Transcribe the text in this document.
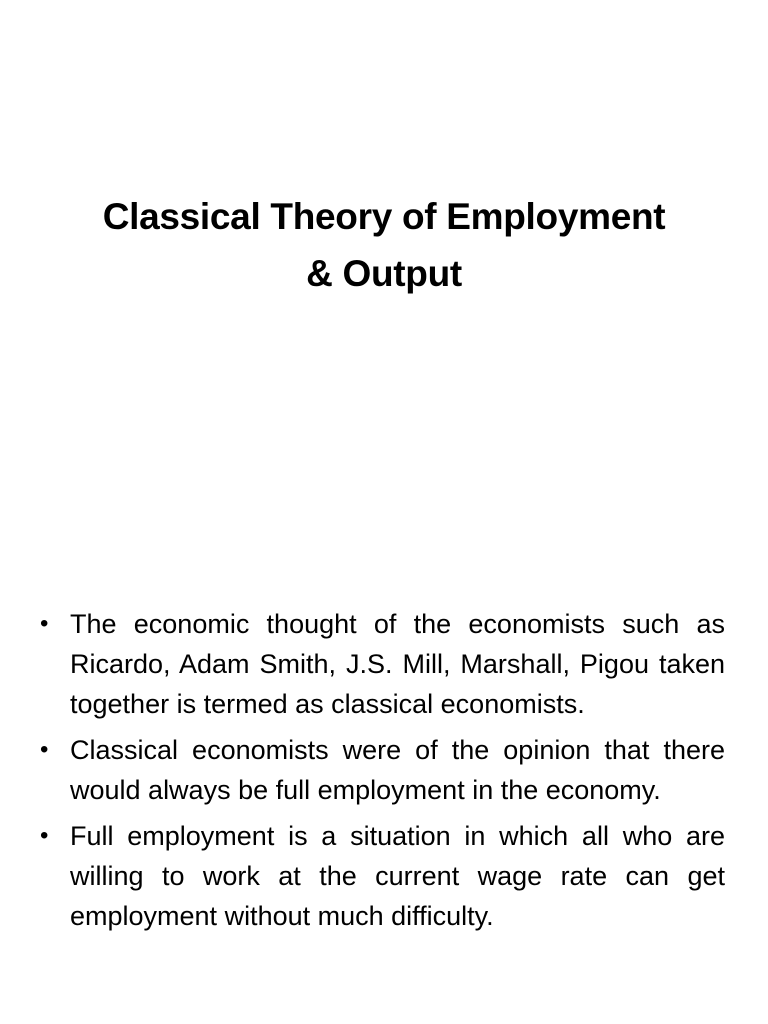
Classical Theory of Employment
& Output
• The economic thought of the economists such as Ricardo, Adam Smith, J.S. Mill, Marshall, Pigou taken together is termed as classical economists.
• Classical economists were of the opinion that there would always be full employment in the economy.
• Full employment is a situation in which all who are willing to work at the current wage rate can get employment without much difficulty.
